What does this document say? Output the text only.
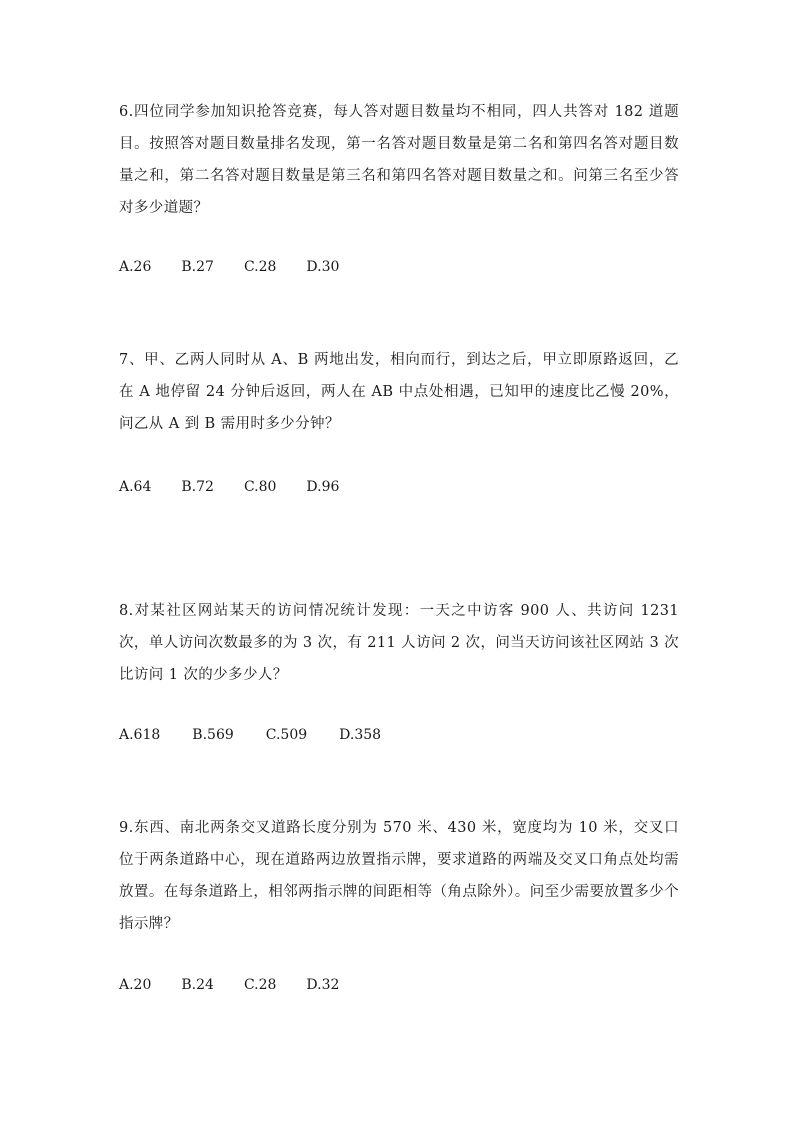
6.四位同学参加知识抢答竞赛，每人答对题目数量均不相同，四人共答对 182 道题目。按照答对题目数量排名发现，第一名答对题目数量是第二名和第四名答对题目数量之和，第二名答对题目数量是第三名和第四名答对题目数量之和。问第三名至少答对多少道题？

A.26 B.27 C.28 D.30

7、甲、乙两人同时从 A、B 两地出发，相向而行，到达之后，甲立即原路返回，乙在 A 地停留 24 分钟后返回，两人在 AB 中点处相遇，已知甲的速度比乙慢 20%，问乙从 A 到 B 需用时多少分钟？

A.64 B.72 C.80 D.96

8.对某社区网站某天的访问情况统计发现：一天之中访客 900 人、共访问 1231 次，单人访问次数最多的为 3 次，有 211 人访问 2 次，问当天访问该社区网站 3 次比访问 1 次的少多少人？

A.618 B.569 C.509 D.358

9.东西、南北两条交叉道路长度分别为 570 米、430 米，宽度均为 10 米，交叉口位于两条道路中心，现在道路两边放置指示牌，要求道路的两端及交叉口角点处均需放置。在每条道路上，相邻两指示牌的间距相等（角点除外）。问至少需要放置多少个指示牌？

A.20 B.24 C.28 D.32
